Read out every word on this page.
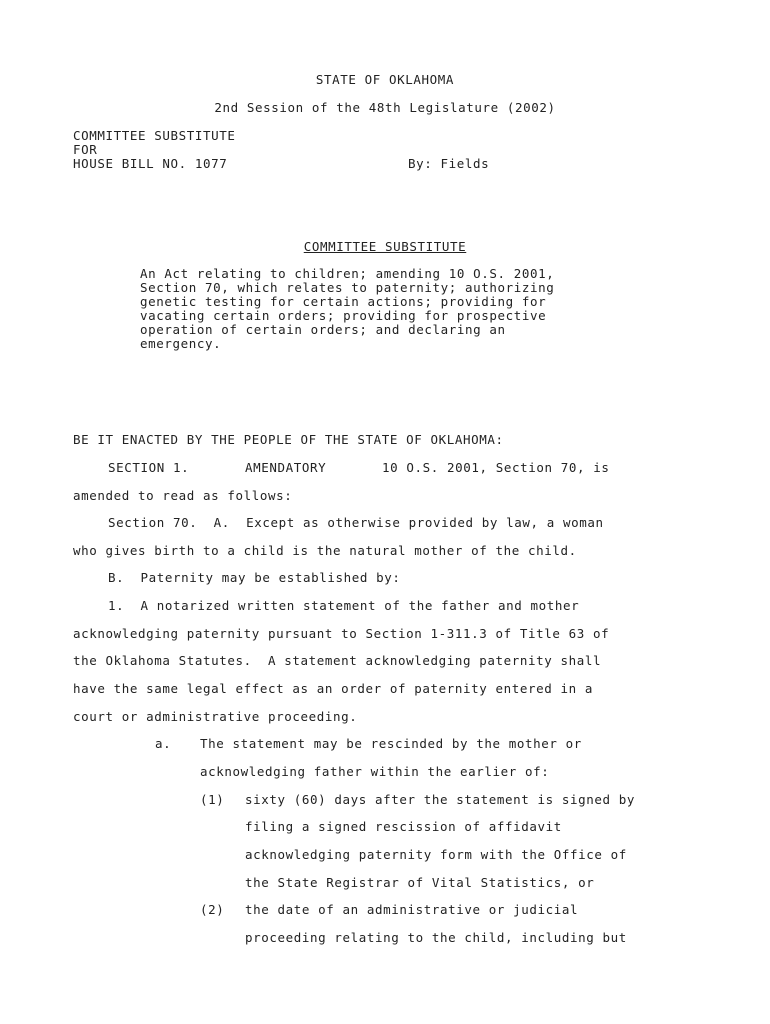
STATE OF OKLAHOMA
2nd Session of the 48th Legislature (2002)
COMMITTEE SUBSTITUTE
FOR
HOUSE BILL NO. 1077	By: Fields
COMMITTEE SUBSTITUTE
An Act relating to children; amending 10 O.S. 2001,
Section 70, which relates to paternity; authorizing
genetic testing for certain actions; providing for
vacating certain orders; providing for prospective
operation of certain orders; and declaring an
emergency.
BE IT ENACTED BY THE PEOPLE OF THE STATE OF OKLAHOMA:
SECTION 1.	AMENDATORY	10 O.S. 2001, Section 70, is
amended to read as follows:
Section 70.  A.  Except as otherwise provided by law, a woman
who gives birth to a child is the natural mother of the child.
B.  Paternity may be established by:
1.  A notarized written statement of the father and mother
acknowledging paternity pursuant to Section 1-311.3 of Title 63 of
the Oklahoma Statutes.  A statement acknowledging paternity shall
have the same legal effect as an order of paternity entered in a
court or administrative proceeding.
a. The statement may be rescinded by the mother or
acknowledging father within the earlier of:
(1) sixty (60) days after the statement is signed by
filing a signed rescission of affidavit
acknowledging paternity form with the Office of
the State Registrar of Vital Statistics, or
(2) the date of an administrative or judicial
proceeding relating to the child, including but
